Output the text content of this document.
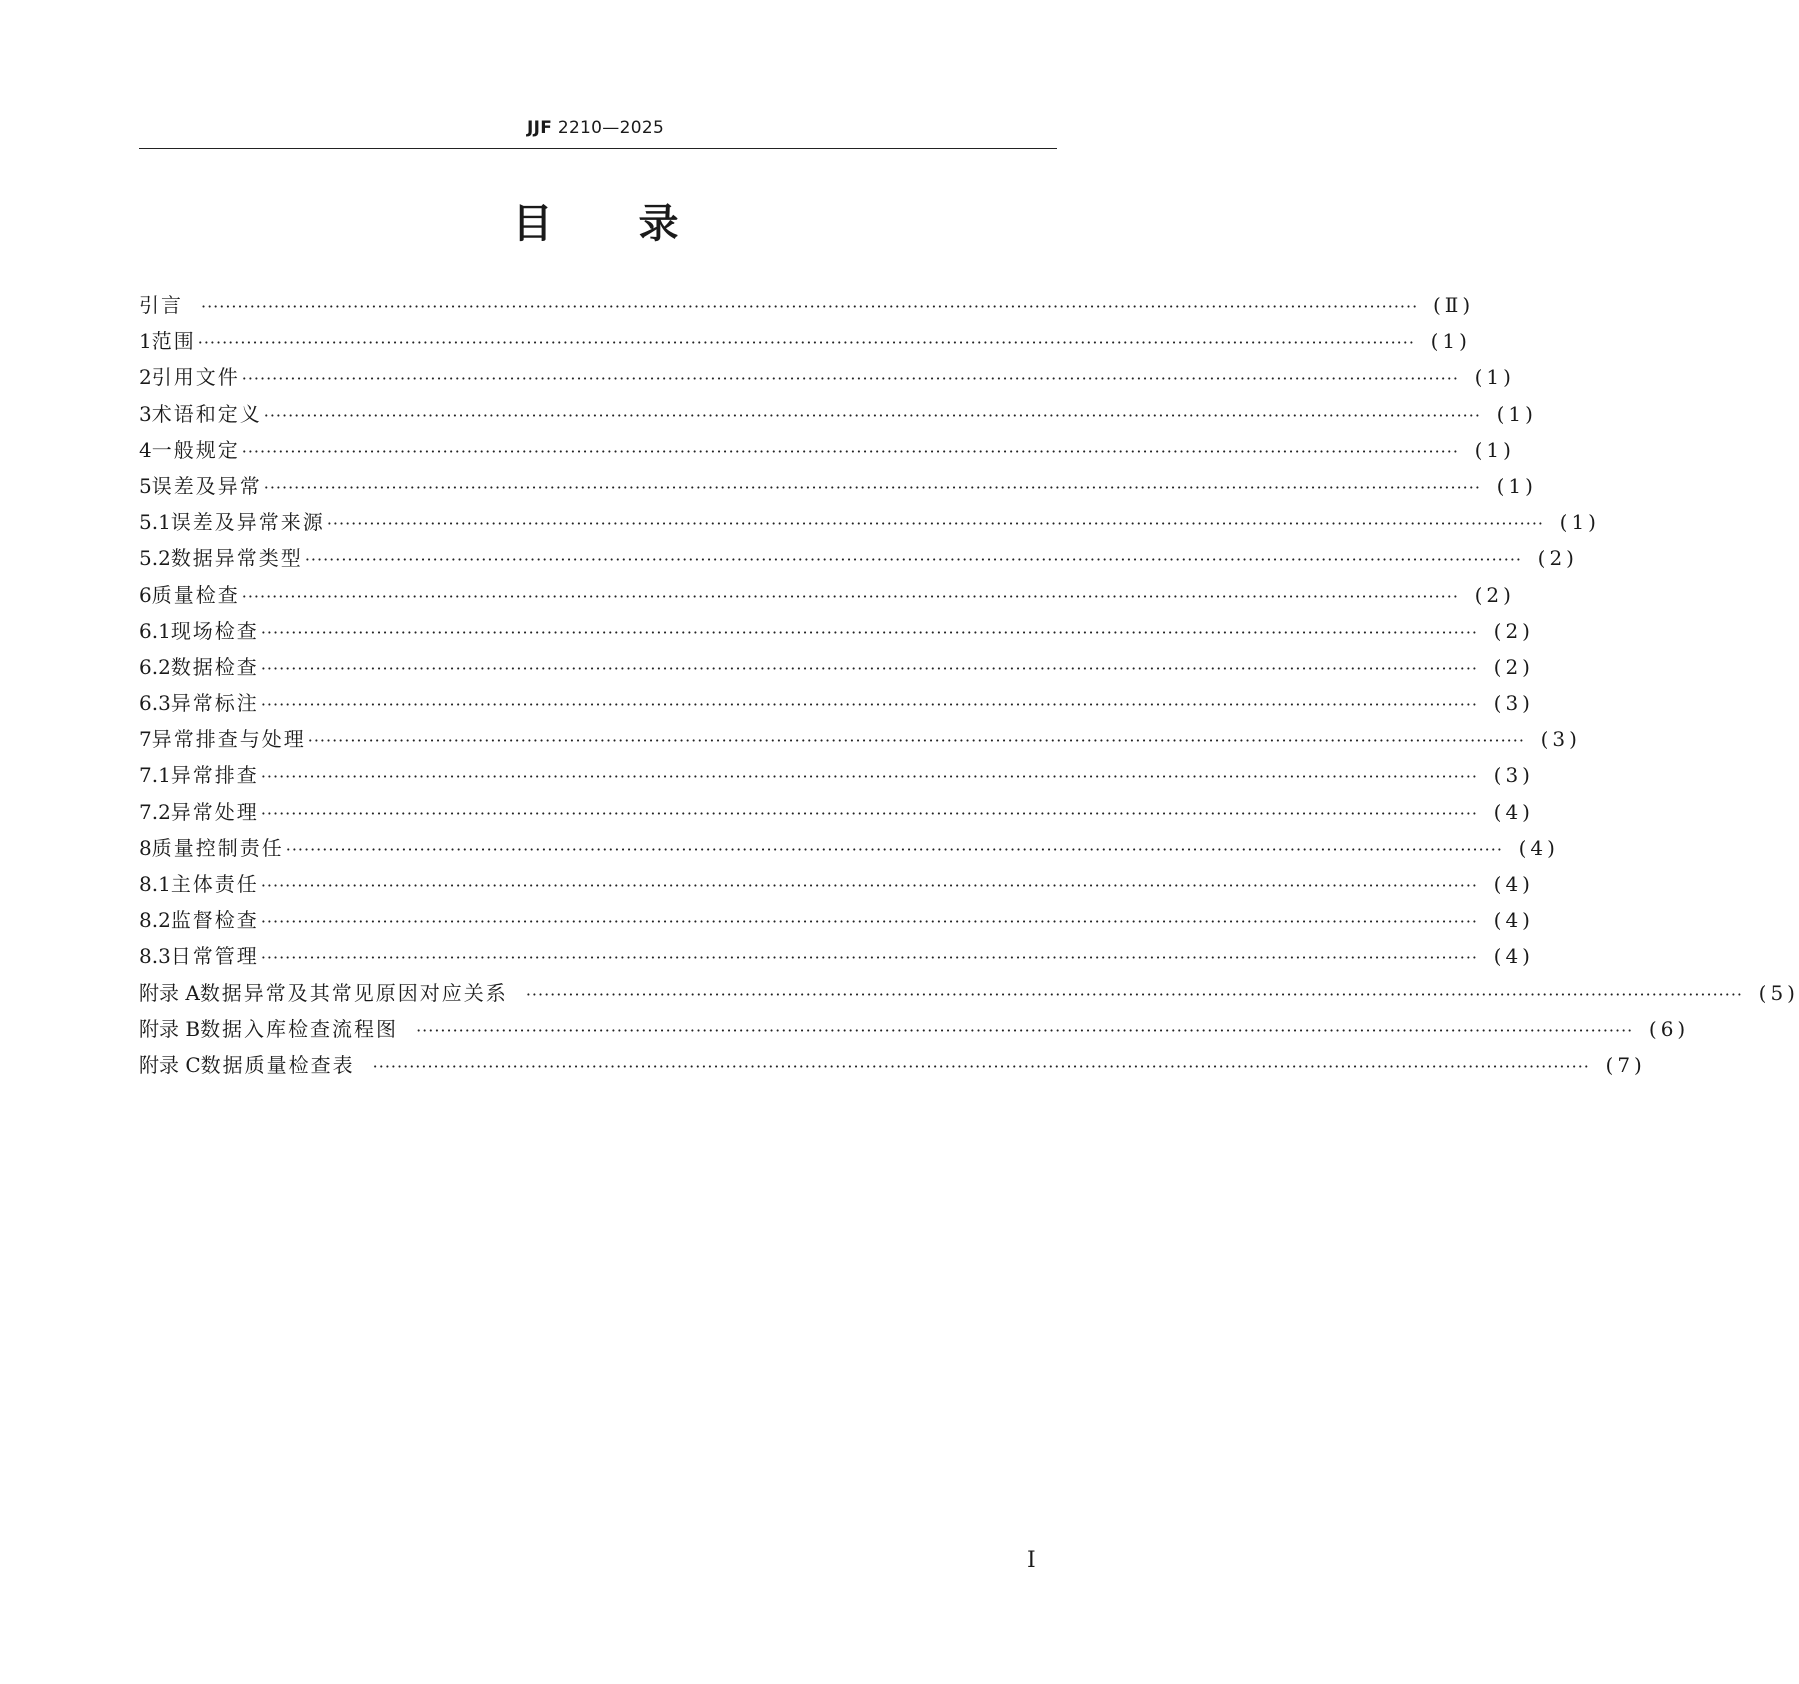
JJF 2210—2025
目 录
引言 ········································································································································································································ (Ⅱ)
1 范围 ········································································································································································································ (1)
2 引用文件 ········································································································································································································ (1)
3 术语和定义 ········································································································································································································ (1)
4 一般规定 ········································································································································································································ (1)
5 误差及异常 ········································································································································································································ (1)
5.1 误差及异常来源 ········································································································································································································ (1)
5.2 数据异常类型 ········································································································································································································ (2)
6 质量检查 ········································································································································································································ (2)
6.1 现场检查 ········································································································································································································ (2)
6.2 数据检查 ········································································································································································································ (2)
6.3 异常标注 ········································································································································································································ (3)
7 异常排查与处理 ········································································································································································································ (3)
7.1 异常排查 ········································································································································································································ (3)
7.2 异常处理 ········································································································································································································ (4)
8 质量控制责任 ········································································································································································································ (4)
8.1 主体责任 ········································································································································································································ (4)
8.2 监督检查 ········································································································································································································ (4)
8.3 日常管理 ········································································································································································································ (4)
附录 A 数据异常及其常见原因对应关系 ········································································································································································································ (5)
附录 B 数据入库检查流程图 ········································································································································································································ (6)
附录 C 数据质量检查表 ········································································································································································································ (7)
Ⅰ
